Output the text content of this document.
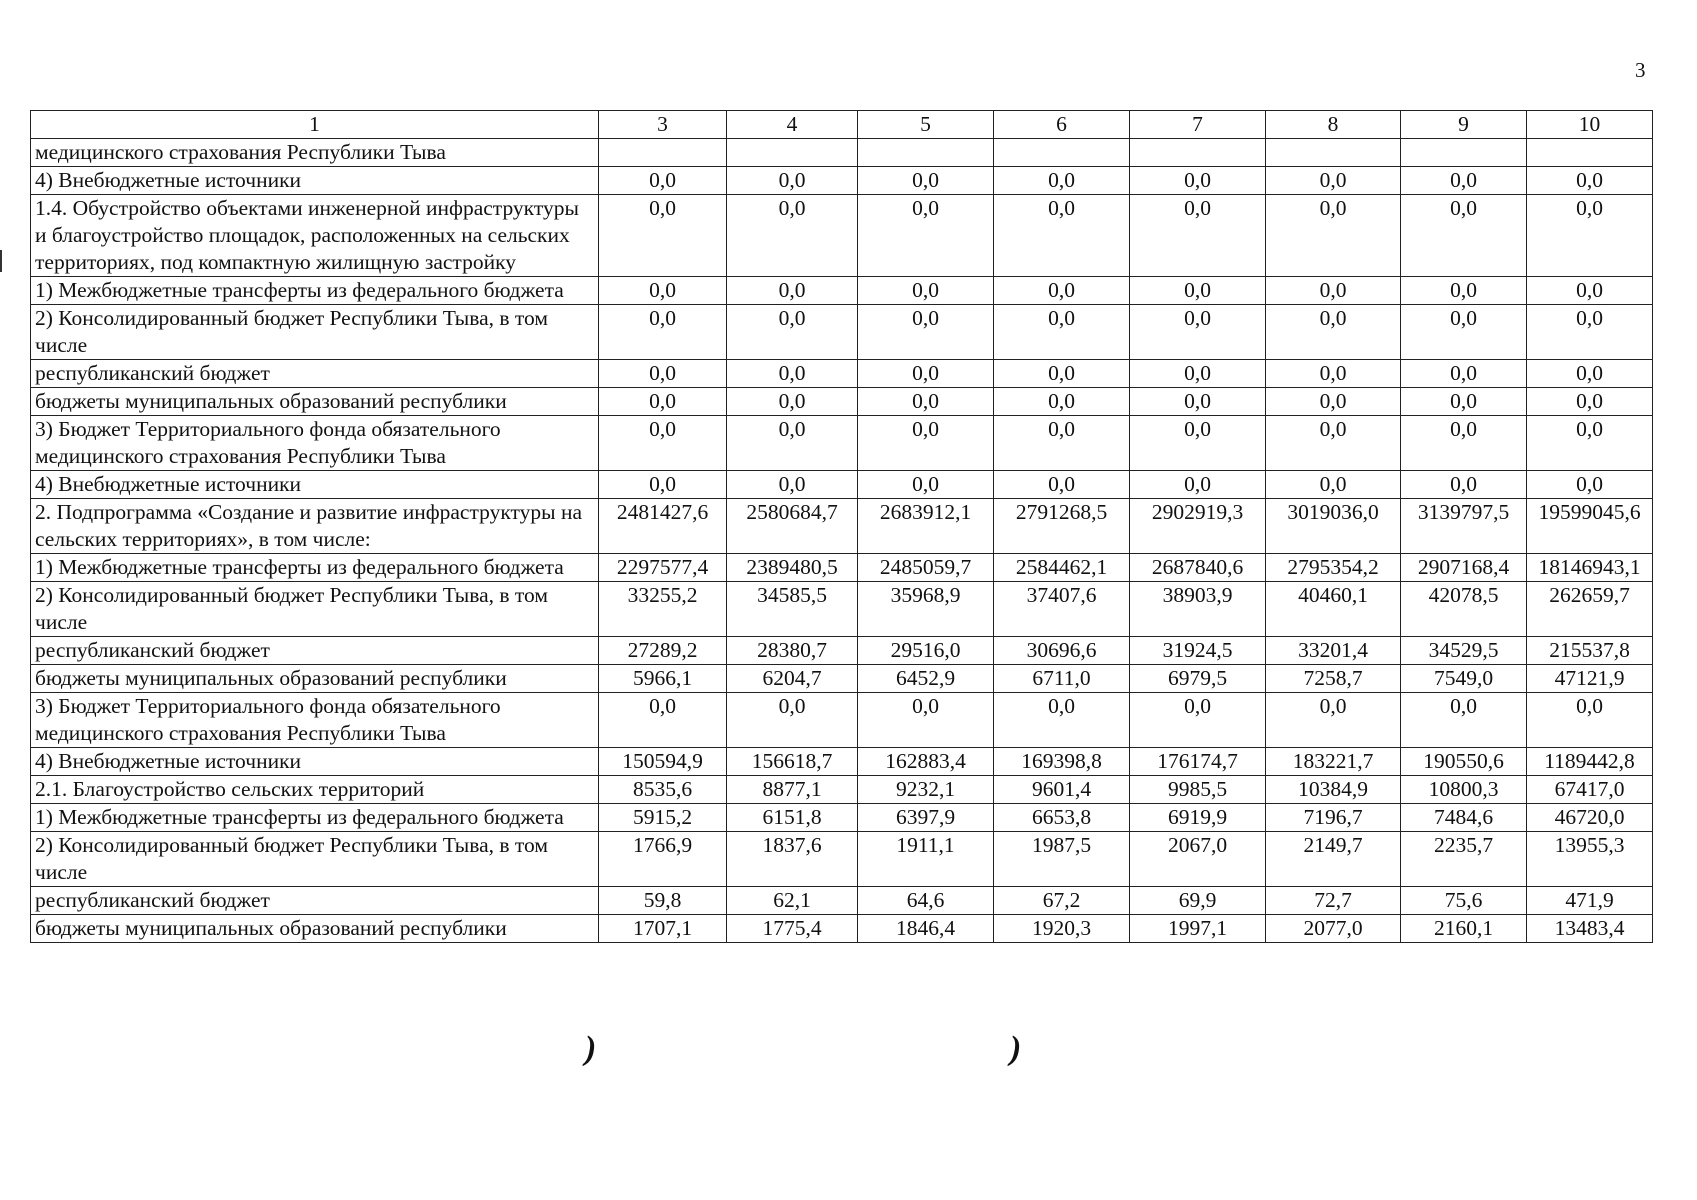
3
1	3	4	5	6	7	8	9	10
медицинского страхования Республики Тыва								
4) Внебюджетные источники	0,0	0,0	0,0	0,0	0,0	0,0	0,0	0,0
1.4. Обустройство объектами инженерной инфраструктуры и благоустройство площадок, расположенных на сельских территориях, под компактную жилищную застройку	0,0	0,0	0,0	0,0	0,0	0,0	0,0	0,0
1) Межбюджетные трансферты из федерального бюджета	0,0	0,0	0,0	0,0	0,0	0,0	0,0	0,0
2) Консолидированный бюджет Республики Тыва, в том числе	0,0	0,0	0,0	0,0	0,0	0,0	0,0	0,0
республиканский бюджет	0,0	0,0	0,0	0,0	0,0	0,0	0,0	0,0
бюджеты муниципальных образований республики	0,0	0,0	0,0	0,0	0,0	0,0	0,0	0,0
3) Бюджет Территориального фонда обязательного медицинского страхования Республики Тыва	0,0	0,0	0,0	0,0	0,0	0,0	0,0	0,0
4) Внебюджетные источники	0,0	0,0	0,0	0,0	0,0	0,0	0,0	0,0
2. Подпрограмма «Создание и развитие инфраструктуры на сельских территориях», в том числе:	2481427,6	2580684,7	2683912,1	2791268,5	2902919,3	3019036,0	3139797,5	19599045,6
1) Межбюджетные трансферты из федерального бюджета	2297577,4	2389480,5	2485059,7	2584462,1	2687840,6	2795354,2	2907168,4	18146943,1
2) Консолидированный бюджет Республики Тыва, в том числе	33255,2	34585,5	35968,9	37407,6	38903,9	40460,1	42078,5	262659,7
республиканский бюджет	27289,2	28380,7	29516,0	30696,6	31924,5	33201,4	34529,5	215537,8
бюджеты муниципальных образований республики	5966,1	6204,7	6452,9	6711,0	6979,5	7258,7	7549,0	47121,9
3) Бюджет Территориального фонда обязательного медицинского страхования Республики Тыва	0,0	0,0	0,0	0,0	0,0	0,0	0,0	0,0
4) Внебюджетные источники	150594,9	156618,7	162883,4	169398,8	176174,7	183221,7	190550,6	1189442,8
2.1. Благоустройство сельских территорий	8535,6	8877,1	9232,1	9601,4	9985,5	10384,9	10800,3	67417,0
1) Межбюджетные трансферты из федерального бюджета	5915,2	6151,8	6397,9	6653,8	6919,9	7196,7	7484,6	46720,0
2) Консолидированный бюджет Республики Тыва, в том числе	1766,9	1837,6	1911,1	1987,5	2067,0	2149,7	2235,7	13955,3
республиканский бюджет	59,8	62,1	64,6	67,2	69,9	72,7	75,6	471,9
бюджеты муниципальных образований республики	1707,1	1775,4	1846,4	1920,3	1997,1	2077,0	2160,1	13483,4
)	)
